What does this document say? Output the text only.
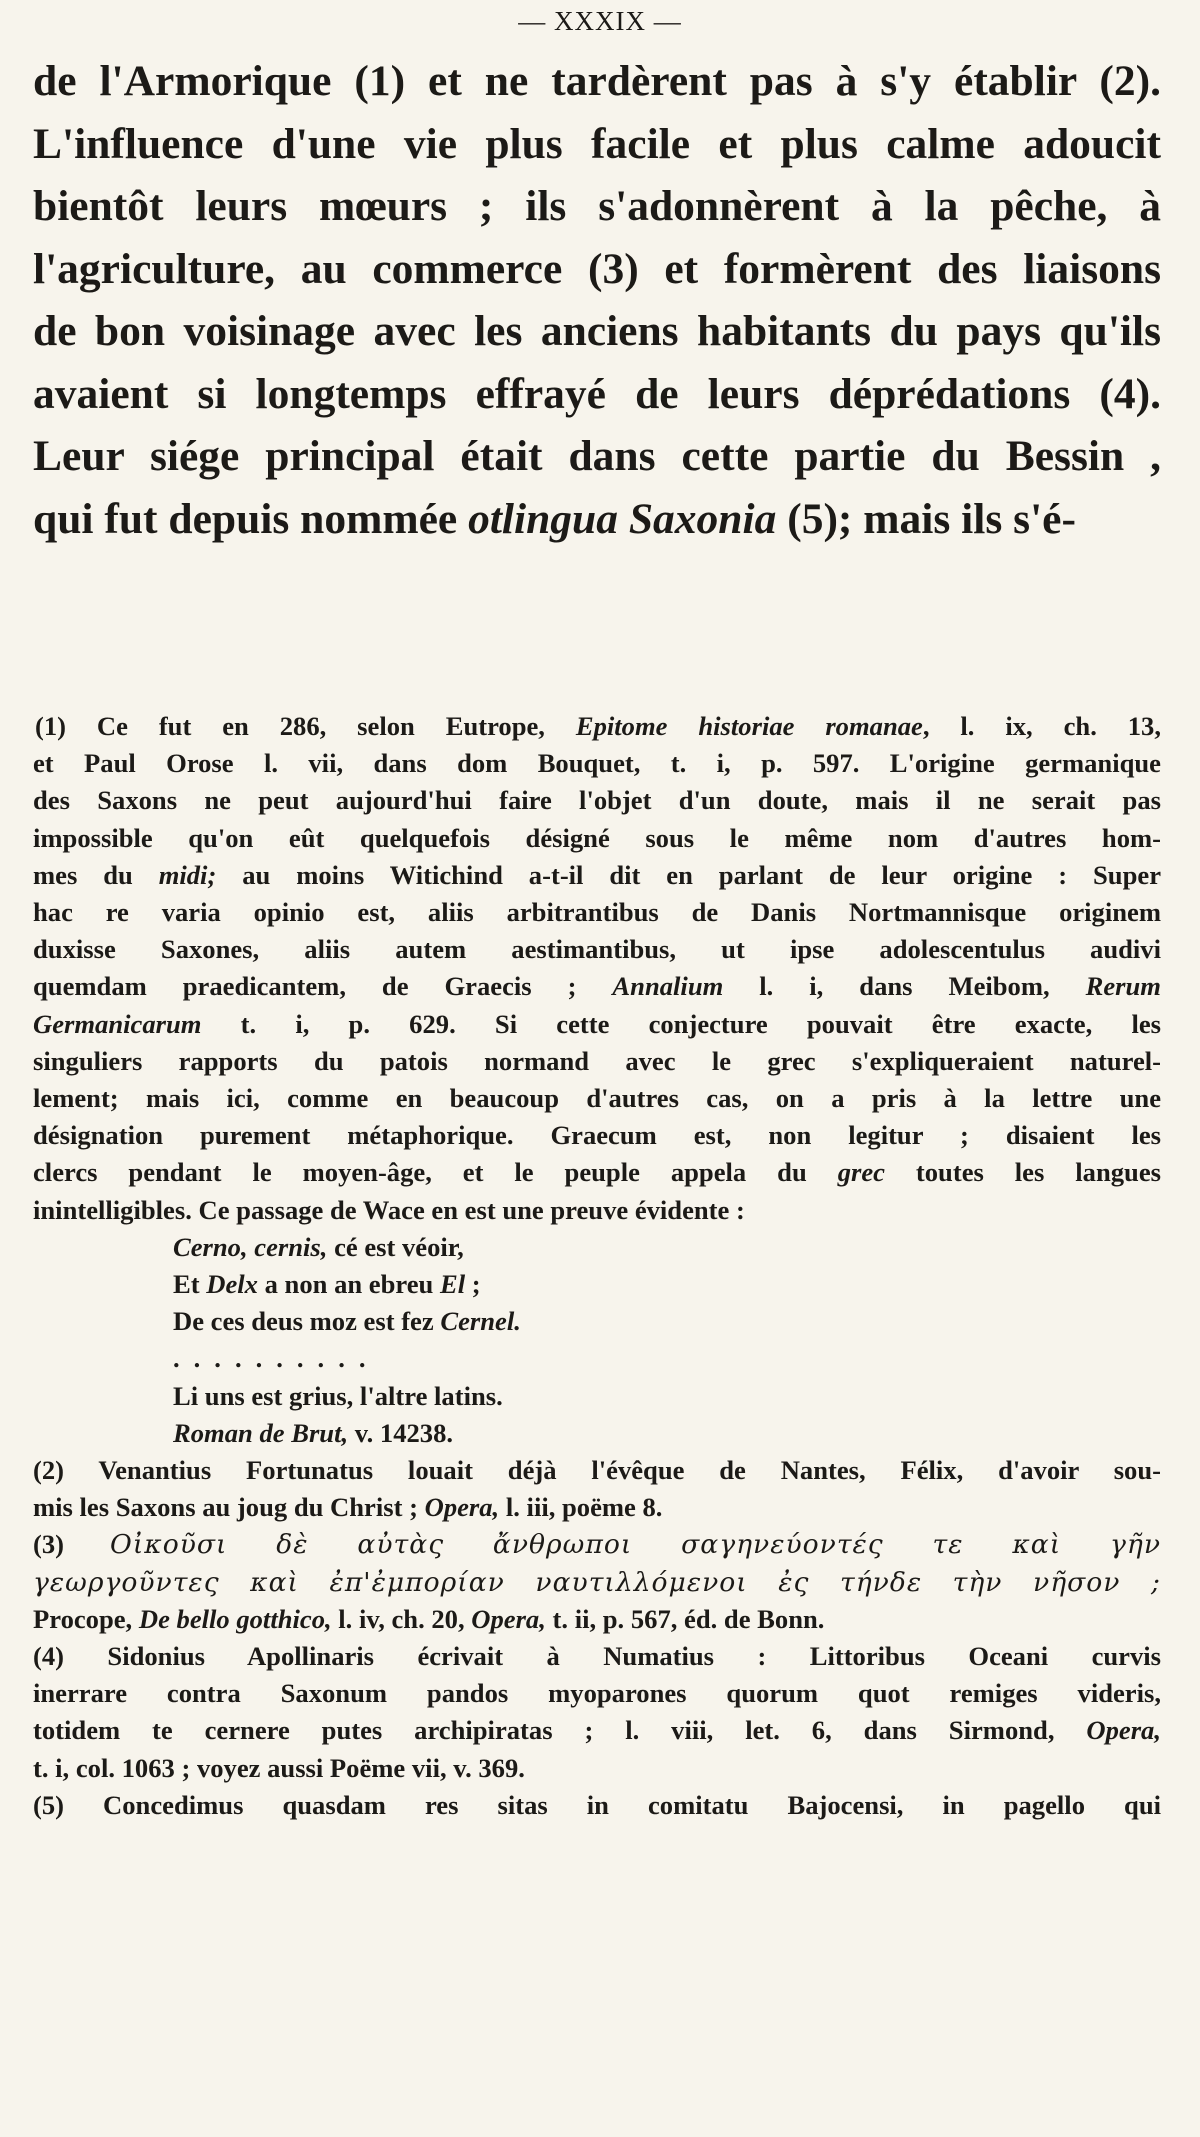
— XXXIX —
de l'Armorique (1) et ne tardèrent pas à s'y établir (2).
L'influence d'une vie plus facile et plus calme adoucit
bientôt leurs mœurs ; ils s'adonnèrent à la pêche, à
l'agriculture, au commerce (3) et formèrent des liaisons
de bon voisinage avec les anciens habitants du pays qu'ils
avaient si longtemps effrayé de leurs déprédations (4).
Leur siége principal était dans cette partie du Bessin ,
qui fut depuis nommée otlingua Saxonia (5); mais ils s'é-
(1) Ce fut en 286, selon Eutrope, Epitome historiae romanae, l. ix, ch. 13,
et Paul Orose l. vii, dans dom Bouquet, t. i, p. 597. L'origine germanique
des Saxons ne peut aujourd'hui faire l'objet d'un doute, mais il ne serait pas
impossible qu'on eût quelquefois désigné sous le même nom d'autres hom-
mes du midi; au moins Witichind a-t-il dit en parlant de leur origine : Super
hac re varia opinio est, aliis arbitrantibus de Danis Nortmannisque originem
duxisse Saxones, aliis autem aestimantibus, ut ipse adolescentulus audivi
quemdam praedicantem, de Graecis ; Annalium l. i, dans Meibom, Rerum
Germanicarum t. i, p. 629. Si cette conjecture pouvait être exacte, les
singuliers rapports du patois normand avec le grec s'expliqueraient naturel-
lement; mais ici, comme en beaucoup d'autres cas, on a pris à la lettre une
désignation purement métaphorique. Graecum est, non legitur ; disaient les
clercs pendant le moyen-âge, et le peuple appela du grec toutes les langues
inintelligibles. Ce passage de Wace en est une preuve évidente :
Cerno, cernis, cé est véoir,
Et Delx a non an ebreu El ;
De ces deus moz est fez Cernel.
..........
Li uns est grius, l'altre latins.
Roman de Brut, v. 14238.
(2) Venantius Fortunatus louait déjà l'évêque de Nantes, Félix, d'avoir sou-
mis les Saxons au joug du Christ ; Opera, l. iii, poëme 8.
(3) Οἰκοῦσι δὲ αὐτὰς ἄνθρωποι σαγηνεύοντές τε καὶ γῆν
γεωργοῦντες καὶ ἐπ'ἐμπορίαν ναυτιλλόμενοι ἐς τήνδε τὴν νῆσον ;
Procope, De bello gotthico, l. iv, ch. 20, Opera, t. ii, p. 567, éd. de Bonn.
(4) Sidonius Apollinaris écrivait à Numatius : Littoribus Oceani curvis
inerrare contra Saxonum pandos myoparones quorum quot remiges videris,
totidem te cernere putes archipiratas ; l. viii, let. 6, dans Sirmond, Opera,
t. i, col. 1063 ; voyez aussi Poëme vii, v. 369.
(5) Concedimus quasdam res sitas in comitatu Bajocensi, in pagello qui
